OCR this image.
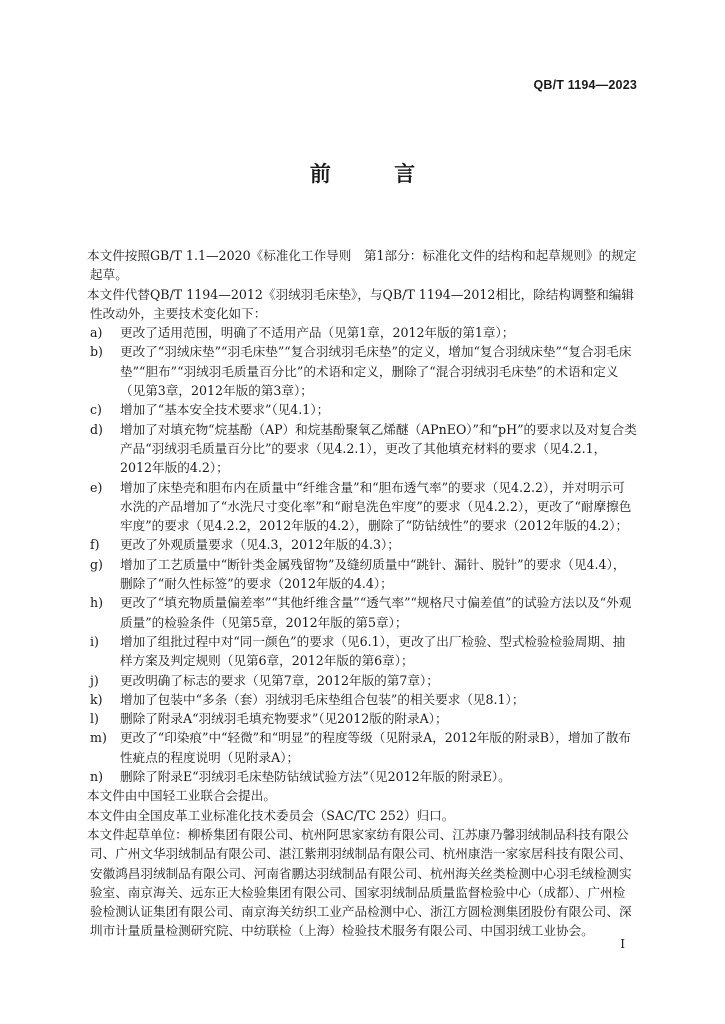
QB/T 1194—2023
前 言

本文件按照GB/T 1.1—2020《标准化工作导则　第1部分：标准化文件的结构和起草规则》的规定起草。

本文件代替QB/T 1194—2012《羽绒羽毛床垫》，与QB/T 1194—2012相比，除结构调整和编辑性改动外，主要技术变化如下：

a)	更改了适用范围，明确了不适用产品（见第1章，2012年版的第1章）；
b)	更改了“羽绒床垫”“羽毛床垫”“复合羽绒羽毛床垫”的定义，增加“复合羽绒床垫”“复合羽毛床垫”“胆布”“羽绒羽毛质量百分比”的术语和定义，删除了“混合羽绒羽毛床垫”的术语和定义（见第3章，2012年版的第3章）；
c)	增加了“基本安全技术要求”（见4.1）；
d)	增加了对填充物“烷基酚（AP）和烷基酚聚氧乙烯醚（APnEO）”和“pH”的要求以及对复合类产品“羽绒羽毛质量百分比”的要求（见4.2.1），更改了其他填充材料的要求（见4.2.1，2012年版的4.2）；
e)	增加了床垫壳和胆布内在质量中“纤维含量”和“胆布透气率”的要求（见4.2.2），并对明示可水洗的产品增加了“水洗尺寸变化率”和“耐皂洗色牢度”的要求（见4.2.2），更改了“耐摩擦色牢度”的要求（见4.2.2，2012年版的4.2），删除了“防钻绒性”的要求（2012年版的4.2）；
f)	更改了外观质量要求（见4.3，2012年版的4.3）；
g)	增加了工艺质量中“断针类金属残留物”及缝纫质量中“跳针、漏针、脱针”的要求（见4.4），删除了“耐久性标签”的要求（2012年版的4.4）；
h)	更改了“填充物质量偏差率”“其他纤维含量”“透气率”“规格尺寸偏差值”的试验方法以及“外观质量”的检验条件（见第5章，2012年版的第5章）；
i)	增加了组批过程中对“同一颜色”的要求（见6.1），更改了出厂检验、型式检验检验周期、抽样方案及判定规则（见第6章，2012年版的第6章）；
j)	更改明确了标志的要求（见第7章，2012年版的第7章）；
k)	增加了包装中“多条（套）羽绒羽毛床垫组合包装”的相关要求（见8.1）；
l)	删除了附录A“羽绒羽毛填充物要求”（见2012版的附录A）；
m)	更改了“印染痕”中“轻微”和“明显”的程度等级（见附录A，2012年版的附录B），增加了散布性疵点的程度说明（见附录A）；
n)	删除了附录E“羽绒羽毛床垫防钻绒试验方法”（见2012年版的附录E）。

本文件由中国轻工业联合会提出。

本文件由全国皮革工业标准化技术委员会（SAC/TC 252）归口。

本文件起草单位：柳桥集团有限公司、杭州阿思家家纺有限公司、江苏康乃馨羽绒制品科技有限公司、广州文华羽绒制品有限公司、湛江紫荆羽绒制品有限公司、杭州康浩一家家居科技有限公司、安徽鸿昌羽绒制品有限公司、河南省鹏达羽绒制品有限公司、杭州海关丝类检测中心羽毛绒检测实验室、南京海关、远东正大检验集团有限公司、国家羽绒制品质量监督检验中心（成都）、广州检验检测认证集团有限公司、南京海关纺织工业产品检测中心、浙江方圆检测集团股份有限公司、深圳市计量质量检测研究院、中纺联检（上海）检验技术服务有限公司、中国羽绒工业协会。

I
